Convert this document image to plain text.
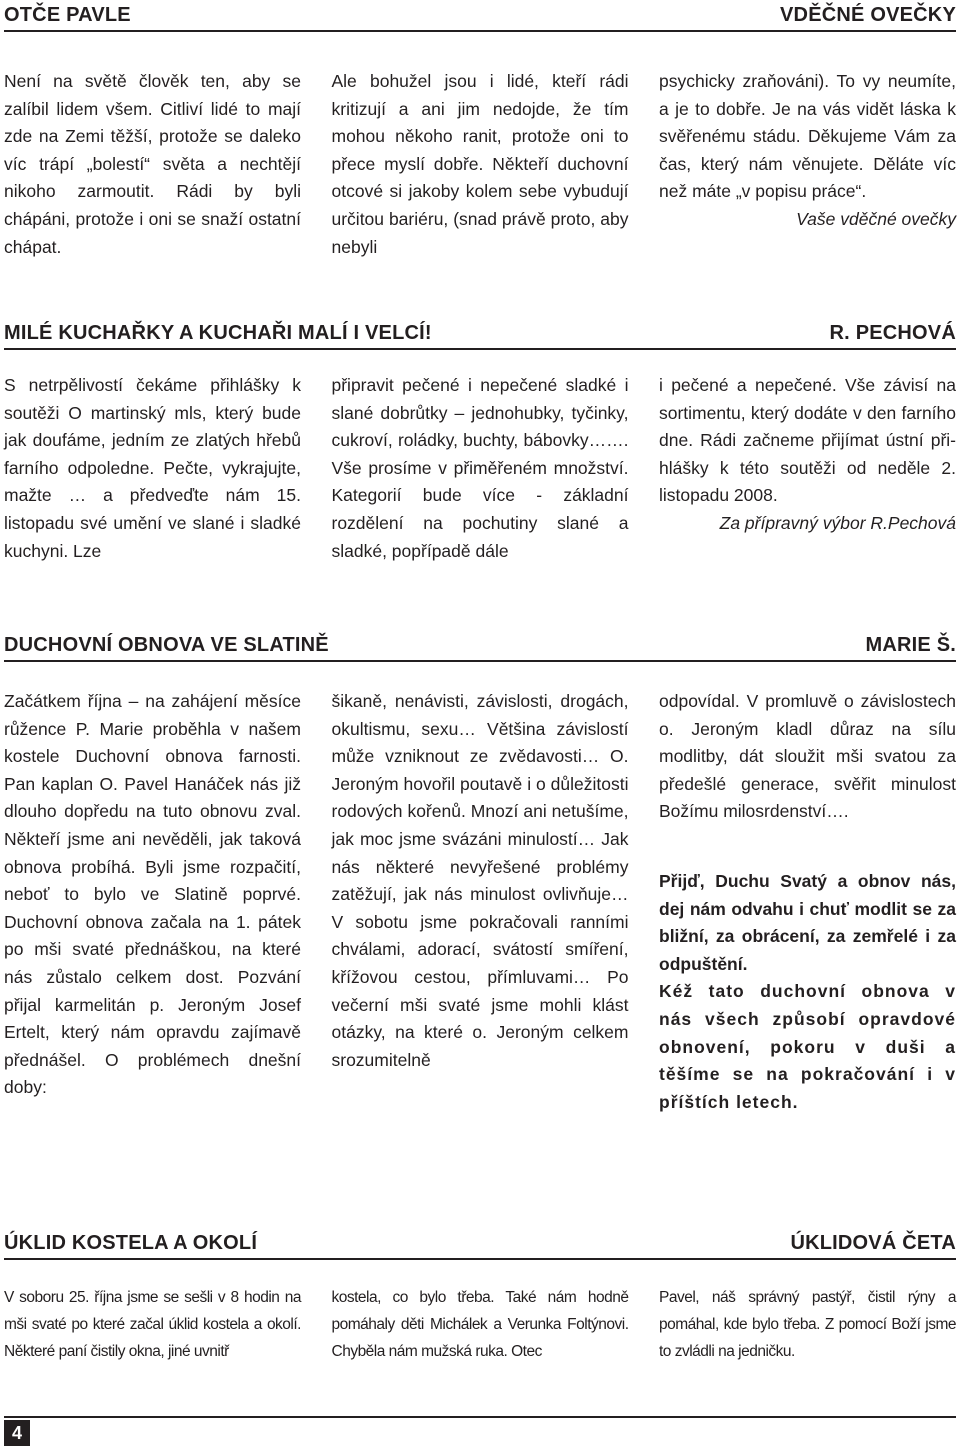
OTČE PAVLE	VDĚČNÉ OVEČKY

Není na světě člověk ten, aby se zalíbil lidem všem. Citliví lidé to mají zde na Zemi těžší, protože se daleko víc trápí „bolestí“ světa a nechtějí nikoho zarmoutit. Rádi by byli chápáni, protože i oni se snaží ostatní chápat.

Ale bohužel jsou i lidé, kteří rádi kritizují a ani jim nedojde, že tím mohou někoho ranit, protože oni to přece myslí dobře. Někteří duchovní otcové si jakoby kolem sebe vybudují určitou bariéru, (snad právě proto, aby nebyli

psychicky zraňováni). To vy neumíte, a je to dobře. Je na vás vidět láska k svěřenému stádu. Děkujeme Vám za čas, který nám věnujete. Děláte víc než máte „v popisu práce“.

Vaše vděčné ovečky
MILÉ KUCHAŘKY A KUCHAŘI MALÍ I VELCÍ!	R. PECHOVÁ

S netrpělivostí čekáme přihlášky k soutěži O martinský mls, který bude jak doufáme, jedním ze zlatých hřebů farního odpoledne. Pečte, vykrajujte, mažte … a předveďte nám 15. listopadu své umění ve slané i sladké kuchyni. Lze

připravit pečené i nepečené sladké i slané dobrůtky – jednohubky, tyčinky, cukroví, roládky, buchty, bábovky……. Vše prosíme v přiměřeném množství. Kategorií bude více - základní rozdělení na pochutiny slané a sladké, popřípadě dále

i pečené a nepečené. Vše závisí na sortimentu, který dodáte v den farního dne. Rádi začneme přijímat ústní přihlášky k této soutěži od neděle 2. listopadu 2008.

Za přípravný výbor R.Pechová
DUCHOVNÍ OBNOVA VE SLATINĚ	MARIE Š.

Začátkem října – na zahájení měsíce růžence P. Marie proběhla v našem kostele Duchovní obnova farnosti. Pan kaplan O. Pavel Hanáček nás již dlouho dopředu na tuto obnovu zval. Někteří jsme ani nevěděli, jak taková obnova probíhá. Byli jsme rozpačití, neboť to bylo ve Slatině poprvé. Duchovní obnova začala na 1. pátek po mši svaté přednáškou, na které nás zůstalo celkem dost. Pozvání přijal karmelitán p. Jeroným Josef Ertelt, který nám opravdu zajímavě přednášel. O problémech dnešní doby:

šikaně, nenávisti, závislosti, drogách, okultismu, sexu… Většina závislostí může vzniknout ze zvědavosti… O. Jeroným hovořil poutavě i o důležitosti rodových kořenů. Mnozí ani netušíme, jak moc jsme svázáni minulostí… Jak nás některé nevyřešené problémy zatěžují, jak nás minulost ovlivňuje… V sobotu jsme pokračovali ranními chválami, adorací, svátostí smíření, křížovou cestou, přímluvami… Po večerní mši svaté jsme mohli klást otázky, na které o. Jeroným celkem srozumitelně

odpovídal. V promluvě o závislostech o. Jeroným kladl důraz na sílu modlitby, dát sloužit mši svatou za předešlé generace, svěřit minulost Božímu milosrdenství….

Přijď, Duchu Svatý a obnov nás, dej nám odvahu i chuť modlit se za bližní, za obrácení, za zemřelé i za odpuštění.

Kéž tato duchovní obnova v nás všech způsobí opravdové obnovení, pokoru v duši a těšíme se na pokračování i v příštích letech.

ÚKLID KOSTELA A OKOLÍ	ÚKLIDOVÁ ČETA

V soboru 25. října jsme se sešli v 8 hodin na mši svaté po které začal úklid kostela a okolí. Některé paní čistily okna, jiné uvnitř

kostela, co bylo třeba. Také nám hodně pomáhaly děti Michálek a Verunka Foltýnovi. Chyběla nám mužská ruka. Otec

Pavel, náš správný pastýř, čistil rýny a pomáhal, kde bylo třeba. Z pomocí Boží jsme to zvládli na jedničku.

4
